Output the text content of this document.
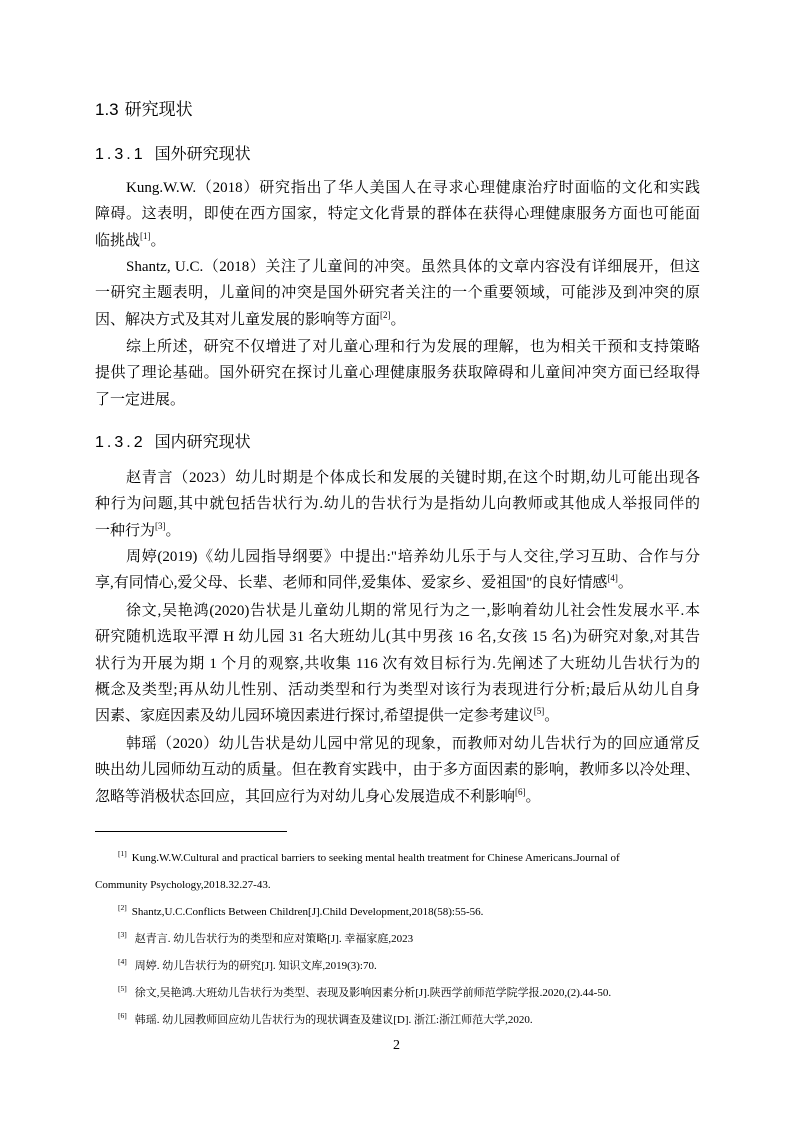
1.3 研究现状
1.3.1 国外研究现状
Kung.W.W.（2018）研究指出了华人美国人在寻求心理健康治疗时面临的文化和实践
障碍。这表明，即使在西方国家，特定文化背景的群体在获得心理健康服务方面也可能面
临挑战[1]。
Shantz, U.C.（2018）关注了儿童间的冲突。虽然具体的文章内容没有详细展开，但这
一研究主题表明，儿童间的冲突是国外研究者关注的一个重要领域，可能涉及到冲突的原
因、解决方式及其对儿童发展的影响等方面[2]。
综上所述，研究不仅增进了对儿童心理和行为发展的理解，也为相关干预和支持策略
提供了理论基础。国外研究在探讨儿童心理健康服务获取障碍和儿童间冲突方面已经取得
了一定进展。
1.3.2 国内研究现状
赵青言（2023）幼儿时期是个体成长和发展的关键时期,在这个时期,幼儿可能出现各
种行为问题,其中就包括告状行为.幼儿的告状行为是指幼儿向教师或其他成人举报同伴的
一种行为[3]。
周婷(2019)《幼儿园指导纲要》中提出:"培养幼儿乐于与人交往,学习互助、合作与分
享,有同情心,爱父母、长辈、老师和同伴,爱集体、爱家乡、爱祖国"的良好情感[4]。
徐文,吴艳鸿(2020)告状是儿童幼儿期的常见行为之一,影响着幼儿社会性发展水平.本
研究随机选取平潭 H 幼儿园 31 名大班幼儿(其中男孩 16 名,女孩 15 名)为研究对象,对其告
状行为开展为期 1 个月的观察,共收集 116 次有效目标行为.先阐述了大班幼儿告状行为的
概念及类型;再从幼儿性别、活动类型和行为类型对该行为表现进行分析;最后从幼儿自身
因素、家庭因素及幼儿园环境因素进行探讨,希望提供一定参考建议[5]。
韩瑶（2020）幼儿告状是幼儿园中常见的现象，而教师对幼儿告状行为的回应通常反
映出幼儿园师幼互动的质量。但在教育实践中，由于多方面因素的影响，教师多以冷处理、
忽略等消极状态回应，其回应行为对幼儿身心发展造成不利影响[6]。
[1] Kung.W.W.Cultural and practical barriers to seeking mental health treatment for Chinese Americans.Journal of
Community Psychology,2018.32.27-43.
[2] Shantz,U.C.Conflicts Between Children[J].Child Development,2018(58):55-56.
[3] 赵青言. 幼儿告状行为的类型和应对策略[J]. 幸福家庭,2023
[4] 周婷. 幼儿告状行为的研究[J]. 知识文库,2019(3):70.
[5] 徐文,吴艳鸿.大班幼儿告状行为类型、表现及影响因素分析[J].陕西学前师范学院学报.2020,(2).44-50.
[6] 韩瑶. 幼儿园教师回应幼儿告状行为的现状调查及建议[D]. 浙江:浙江师范大学,2020.
2
